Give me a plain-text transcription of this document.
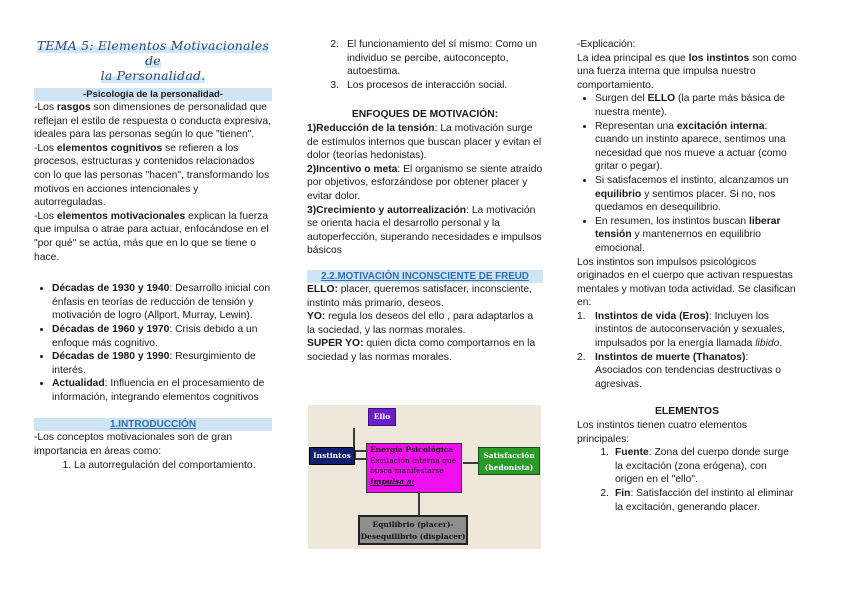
TEMA 5: Elementos Motivacionales de
la Personalidad.
-Psicología de la personalidad-

-Los rasgos son dimensiones de personalidad que reflejan el estilo de respuesta o conducta expresiva, ideales para las personas según lo que "tienen".

-Los elementos cognitivos se refieren a los procesos, estructuras y contenidos relacionados con lo que las personas "hacen", transformando los motivos en acciones intencionales y autorreguladas.

-Los elementos motivacionales explican la fuerza que impulsa o atrae para actuar, enfocándose en el "por qué" se actúa, más que en lo que se tiene o hace.

• Décadas de 1930 y 1940: Desarrollo inicial con énfasis en teorías de reducción de tensión y motivación de logro (Allport, Murray, Lewin).
• Décadas de 1960 y 1970: Crisis debido a un enfoque más cognitivo.
• Décadas de 1980 y 1990: Resurgimiento de interés.
• Actualidad: Influencia en el procesamiento de información, integrando elementos cognitivos
1.INTRODUCCIÓN

-Los conceptos motivacionales son de gran importancia en áreas como:

1. La autorregulación del comportamiento.
2. El funcionamiento del sí mismo: Como un individuo se percibe, autoconcepto, autoestima.
3. Los procesos de interacción social.

ENFOQUES DE MOTIVACIÓN:

1)Reducción de la tensión: La motivación surge de estímulos internos que buscan placer y evitan el dolor (teorías hedonistas).

2)Incentivo o meta: El organismo se siente atraído por objetivos, esforzándose por obtener placer y evitar dolor.

3)Crecimiento y autorrealización: La motivación se orienta hacia el desarrollo personal y la autoperfección, superando necesidades e impulsos básicos

2.2.MOTIVACIÓN INCONSCIENTE DE FREUD

ELLO: placer, queremos satisfacer, inconsciente, instinto más primario, deseos.

YO: regula los deseos del ello , para adaptarlos a la sociedad, y las normas morales.

SUPER YO: quien dicta como comportarnos en la sociedad y las normas morales.

Ello
Instintos
Energía Psicológica
Excitación interna que
busca manifestarse
Impulsa a:
Satisfacción
(hedonista)
Equilibrio (placer)-
Desequilibrio (displacer)

-Explicación:

La idea principal es que los instintos son como una fuerza interna que impulsa nuestro comportamiento.

• Surgen del ELLO (la parte más básica de nuestra mente).
• Representan una excitación interna: cuando un instinto aparece, sentimos una necesidad que nos mueve a actuar (como gritar o pegar).
• Si satisfacemos el instinto, alcanzamos un equilibrio y sentimos placer. Si no, nos quedamos en desequilibrio.
• En resumen, los instintos buscan liberar tensión y mantenernos en equilibrio emocional.

Los instintos son impulsos psicológicos originados en el cuerpo que activan respuestas mentales y motivan toda actividad. Se clasifican en:

1. Instintos de vida (Eros): Incluyen los instintos de autoconservación y sexuales, impulsados por la energía llamada libido.
2. Instintos de muerte (Thanatos): Asociados con tendencias destructivas o agresivas.

ELEMENTOS

Los instintos tienen cuatro elementos principales:

1. Fuente: Zona del cuerpo donde surge la excitación (zona erógena), con origen en el "ello".
2. Fin: Satisfacción del instinto al eliminar la excitación, generando placer.
